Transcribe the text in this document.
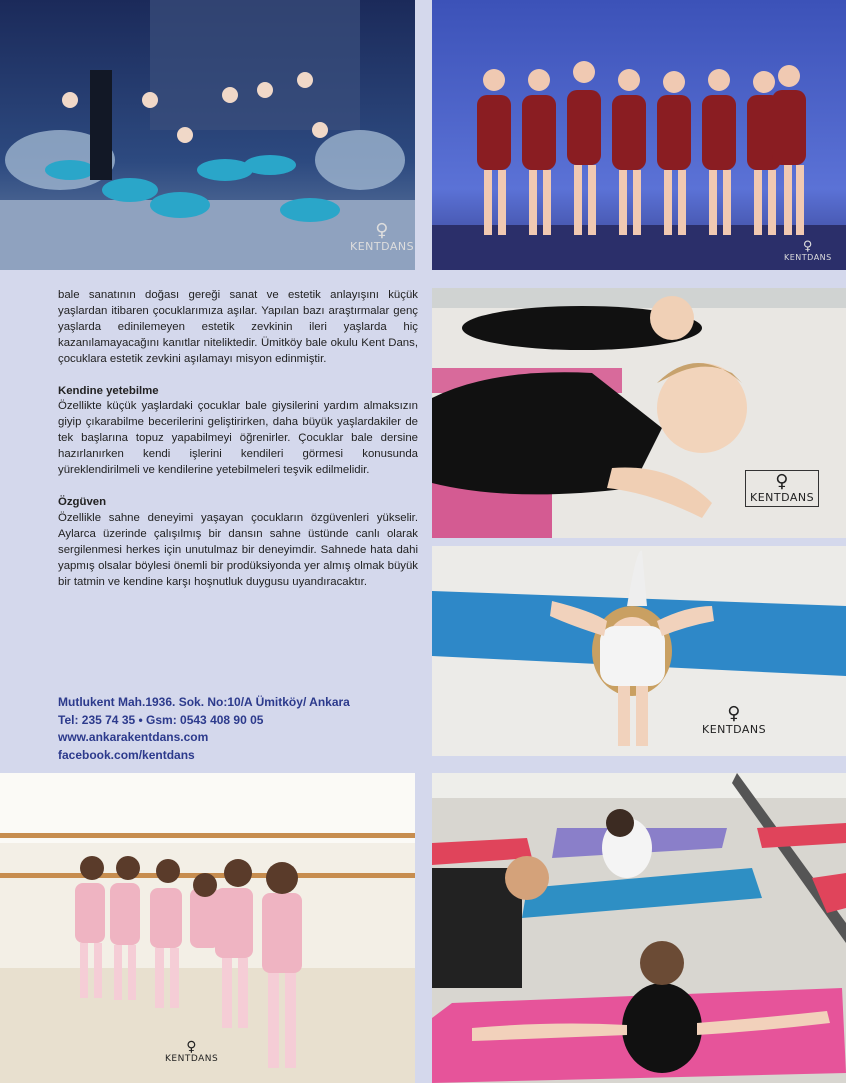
♀
KENTDANS	♀
KENTDANS
♀
KENTDANS
♀
KENTDANS
♀
KENTDANS

bale sanatının doğası gereği sanat ve estetik anlayışını küçük yaşlardan itibaren çocuklarımıza aşılar. Yapılan bazı araştırmalar genç yaşlarda edinilemeyen estetik zevkinin ileri yaşlarda hiç kazanılamayacağını kanıtlar niteliktedir. Ümitköy bale okulu Kent Dans, çocuklara estetik zevkini aşılamayı misyon edinmiştir.

Kendine yetebilme

Özellikte küçük yaşlardaki çocuklar bale giysilerini yardım almaksızın giyip çıkarabilme becerilerini geliştirirken, daha büyük yaşlardakiler de tek başlarına topuz yapabilmeyi öğrenirler. Çocuklar bale dersine hazırlanırken kendi işlerini kendileri görmesi konusunda yüreklendirilmeli ve kendilerine yetebilmeleri teşvik edilmelidir.

Özgüven

Özellikle sahne deneyimi yaşayan çocukların özgüvenleri yükselir. Aylarca üzerinde çalışılmış bir dansın sahne üstünde canlı olarak sergilenmesi herkes için unutulmaz bir deneyimdir. Sahnede hata dahi yapmış olsalar böylesi önemli bir prodüksiyonda yer almış olmak büyük bir tatmin ve kendine karşı hoşnutluk duygusu uyandıracaktır.

Mutlukent Mah.1936. Sok. No:10/A Ümitköy/ Ankara
Tel: 235 74 35 • Gsm: 0543 408 90 05
www.ankarakentdans.com
facebook.com/kentdans
